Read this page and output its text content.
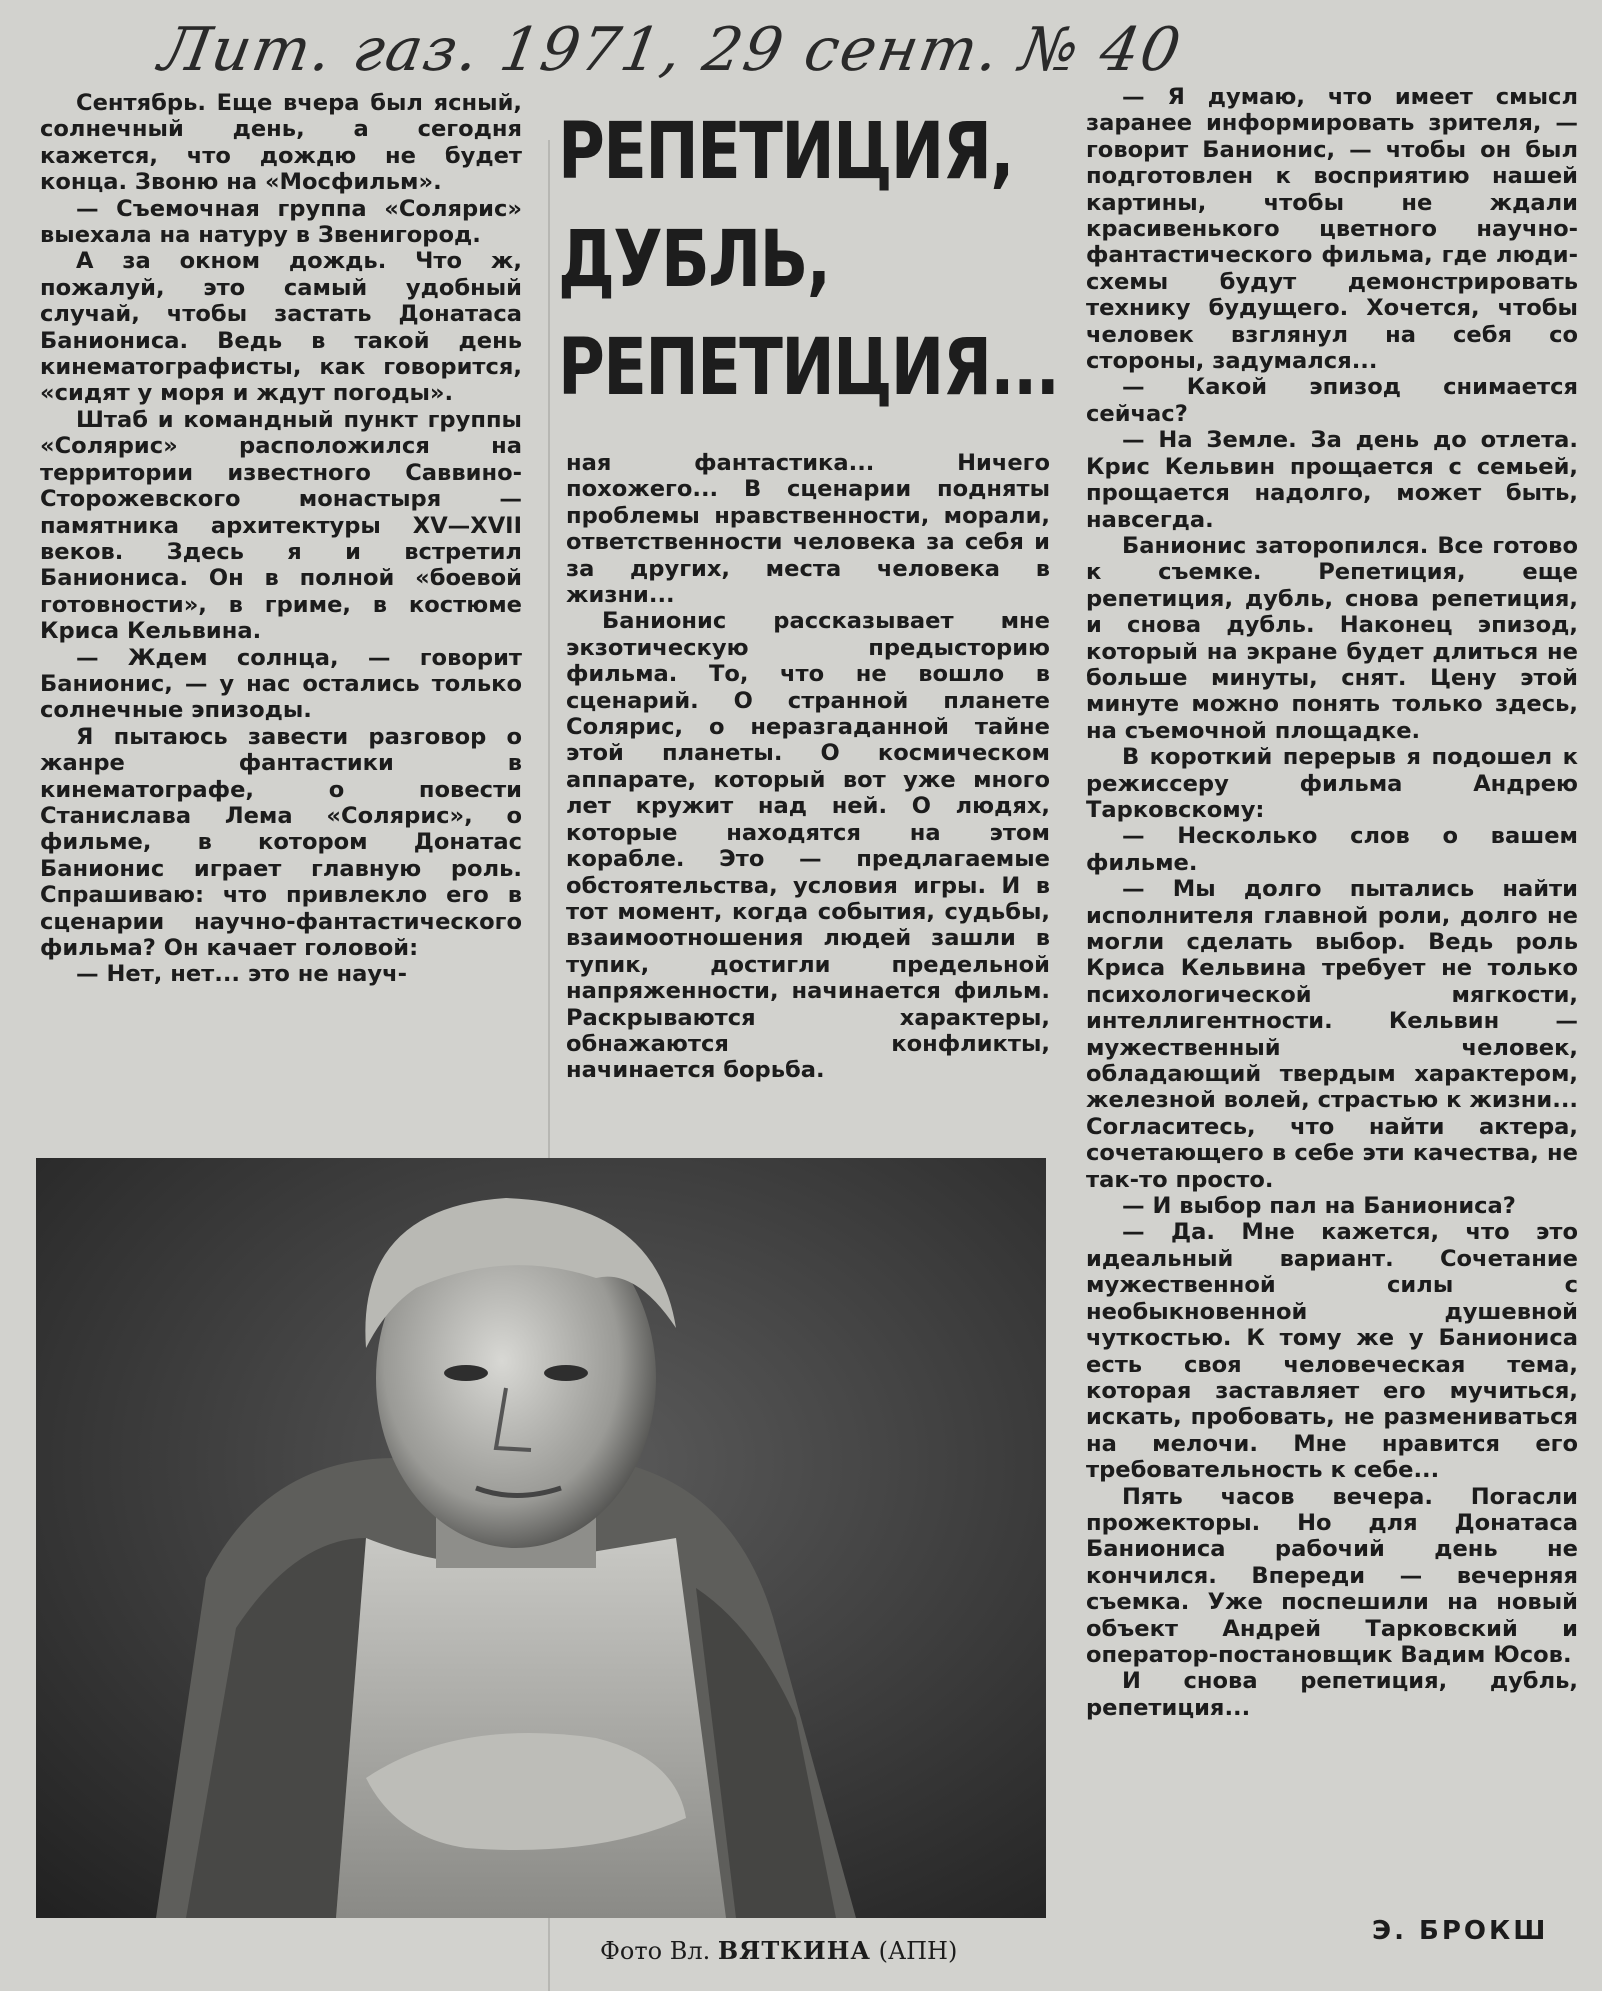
Лит. газ. 1971, 29 сент. № 40
РЕПЕТИЦИЯ,
ДУБЛЬ,
РЕПЕТИЦИЯ...

Сентябрь. Еще вчера был ясный, солнечный день, а сегодня кажется, что дождю не будет конца. Звоню на «Мосфильм».

— Съемочная группа «Солярис» выехала на натуру в Звенигород.

А за окном дождь. Что ж, пожалуй, это самый удобный случай, чтобы застать Донатаса Баниониса. Ведь в такой день кинематографисты, как говорится, «сидят у моря и ждут погоды».

Штаб и командный пункт группы «Солярис» расположился на территории известного Саввино-Сторожевского монастыря — памятника архитектуры XV—XVII веков. Здесь я и встретил Баниониса. Он в полной «боевой готовности», в гриме, в костюме Криса Кельвина.

— Ждем солнца, — говорит Банионис, — у нас остались только солнечные эпизоды.

Я пытаюсь завести разговор о жанре фантастики в кинематографе, о повести Станислава Лема «Солярис», о фильме, в котором Донатас Банионис играет главную роль. Спрашиваю: что привлекло его в сценарии научно-фантастического фильма? Он качает головой:

— Нет, нет... это не науч-

ная фантастика... Ничего похожего... В сценарии подняты проблемы нравственности, морали, ответственности человека за себя и за других, места человека в жизни...

Банионис рассказывает мне экзотическую предысторию фильма. То, что не вошло в сценарий. О странной планете Солярис, о неразгаданной тайне этой планеты. О космическом аппарате, который вот уже много лет кружит над ней. О людях, которые находятся на этом корабле. Это — предлагаемые обстоятельства, условия игры. И в тот момент, когда события, судьбы, взаимоотношения людей зашли в тупик, достигли предельной напряженности, начинается фильм. Раскрываются характеры, обнажаются конфликты, начинается борьба.

— Я думаю, что имеет смысл заранее информировать зрителя, — говорит Банионис, — чтобы он был подготовлен к восприятию нашей картины, чтобы не ждали красивенького цветного научно-фантастического фильма, где люди-схемы будут демонстрировать технику будущего. Хочется, чтобы человек взглянул на себя со стороны, задумался...

— Какой эпизод снимается сейчас?

— На Земле. За день до отлета. Крис Кельвин прощается с семьей, прощается надолго, может быть, навсегда.

Банионис заторопился. Все готово к съемке. Репетиция, еще репетиция, дубль, снова репетиция, и снова дубль. Наконец эпизод, который на экране будет длиться не больше минуты, снят. Цену этой минуте можно понять только здесь, на съемочной площадке.

В короткий перерыв я подошел к режиссеру фильма Андрею Тарковскому:

— Несколько слов о вашем фильме.

— Мы долго пытались найти исполнителя главной роли, долго не могли сделать выбор. Ведь роль Криса Кельвина требует не только психологической мягкости, интеллигентности. Кельвин — мужественный человек, обладающий твердым характером, железной волей, страстью к жизни... Согласитесь, что найти актера, сочетающего в себе эти качества, не так-то просто.

— И выбор пал на Баниониса?

— Да. Мне кажется, что это идеальный вариант. Сочетание мужественной силы с необыкновенной душевной чуткостью. К тому же у Баниониса есть своя человеческая тема, которая заставляет его мучиться, искать, пробовать, не размениваться на мелочи. Мне нравится его требовательность к себе...

Пять часов вечера. Погасли прожекторы. Но для Донатаса Баниониса рабочий день не кончился. Впереди — вечерняя съемка. Уже поспешили на новый объект Андрей Тарковский и оператор-постановщик Вадим Юсов.

И снова репетиция, дубль, репетиция...

Фото Вл. ВЯТКИНА (АПН)
Э. БРОКШ
